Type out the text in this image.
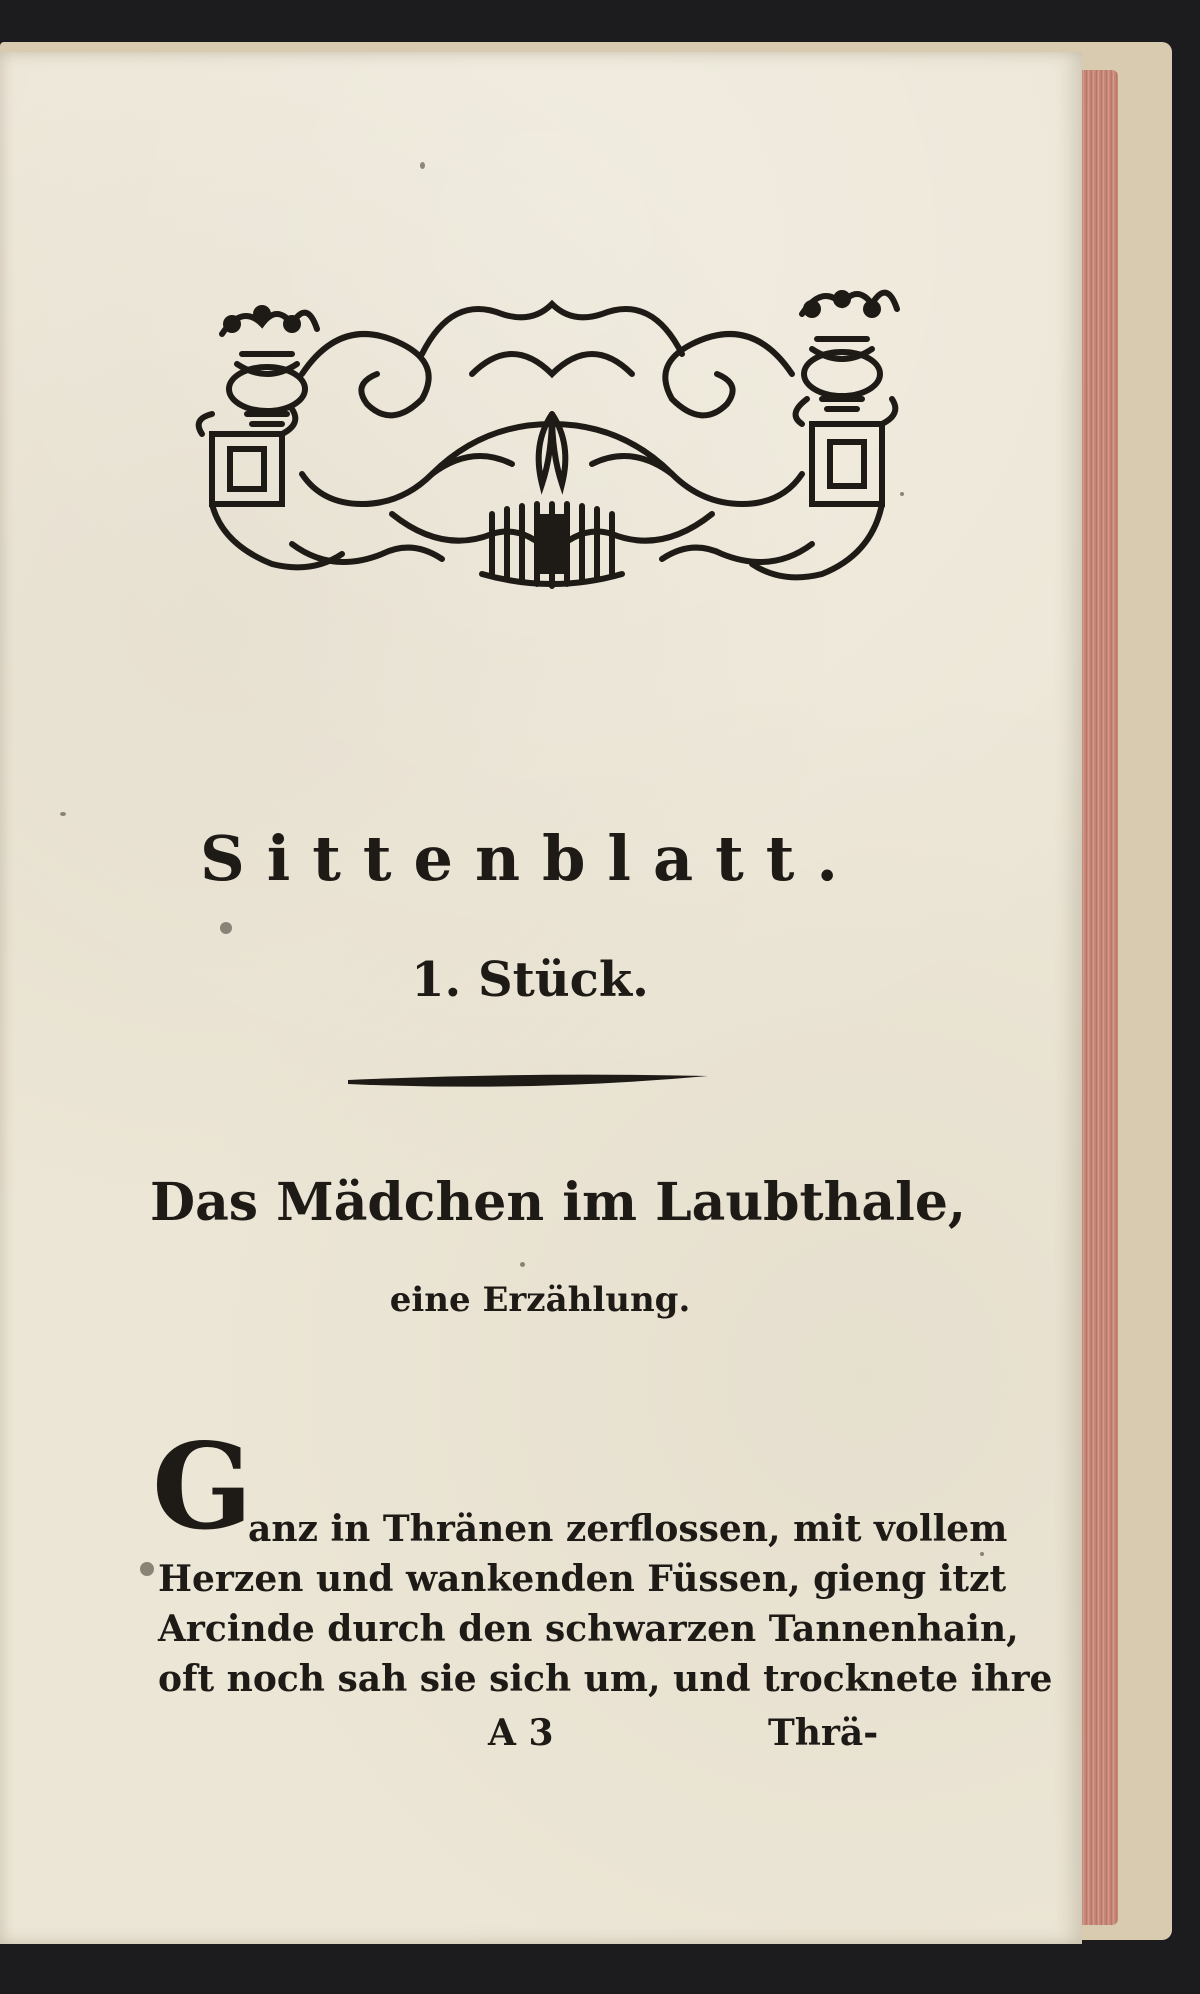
Sittenblatt.
1. Stück.
Das Mädchen im Laubthale,
eine Erzählung.
G
anz in Thränen zerflossen, mit vollem
Herzen und wankenden Füssen, gieng itzt
Arcinde durch den schwarzen Tannenhain,
oft noch sah sie sich um, und trocknete ihre
A 3	Thrä-
